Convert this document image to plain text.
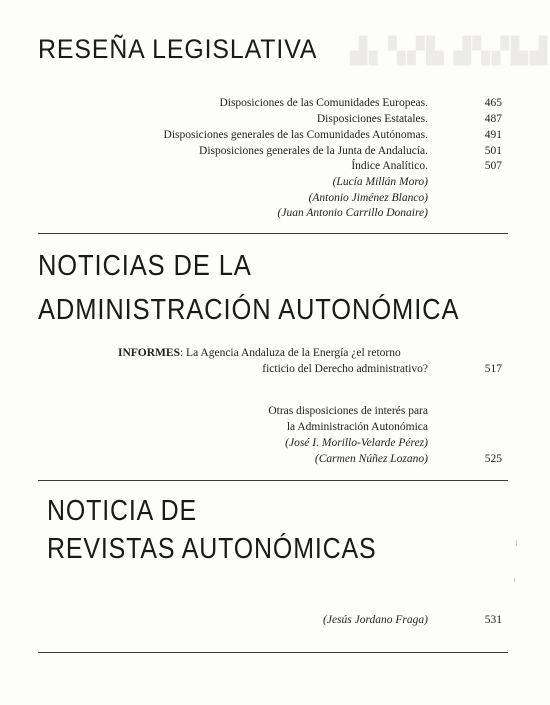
▟▖▚▞▙ ▟▚▞▙▟
RESEÑA LEGISLATIVA
Disposiciones de las Comunidades Europeas.	465
Disposiciones Estatales.	487
Disposiciones generales de las Comunidades Autónomas.	491
Disposiciones generales de la Junta de Andalucía.	501
Índice Analítico.	507
(Lucía Millán Moro)
(Antonio Jiménez Blanco)
(Juan Antonio Carrillo Donaire)
NOTICIAS DE LA
ADMINISTRACIÓN AUTONÓMICA
INFORMES: La Agencia Andaluza de la Energía ¿el retorno
ficticio del Derecho administrativo?	517
Otras disposiciones de interés para
la Administración Autonómica
(José I. Morillo-Velarde Pérez)
(Carmen Núñez Lozano)	525
NOTICIA DE
REVISTAS AUTONÓMICAS
(Jesús Jordano Fraga)	531
